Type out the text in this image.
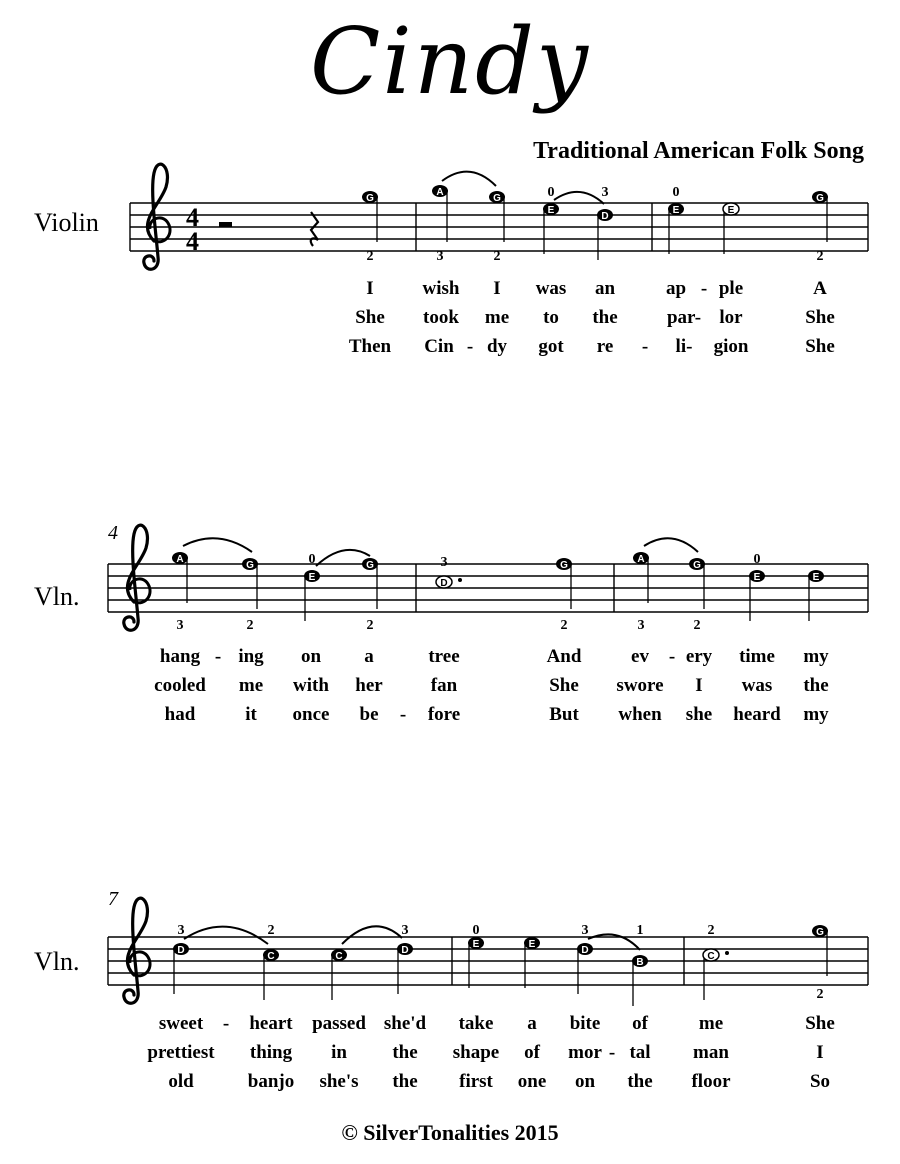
Cindy
Traditional American Folk Song
Violin
Vln.
Vln.
4
7
4
4
G
2
A
3
G
2
E
0
D
3
E
0
E
G
2
A
3
G
2
E
0	G
2
D
3	G
2
A
3
G
2
E
0
E
D
3
C
2
C
D
3
E
0
E
D
3
B
1
C
2	G
2
I	wish I was an	ap - ple	A
She took me to the	par- lor	She
Then Cin - dy got re - li- gion	She
hang - ing on a	tree	And	ev - ery time my
cooled me with her	fan	She swore I was the
had	it once be - fore	But when she heard my
sweet - heart passed she'd take a bite of	me	She
prettiest thing in the shape of mor - tal man	I
old	banjo she's the first one on the floor	So
© SilverTonalities 2015
